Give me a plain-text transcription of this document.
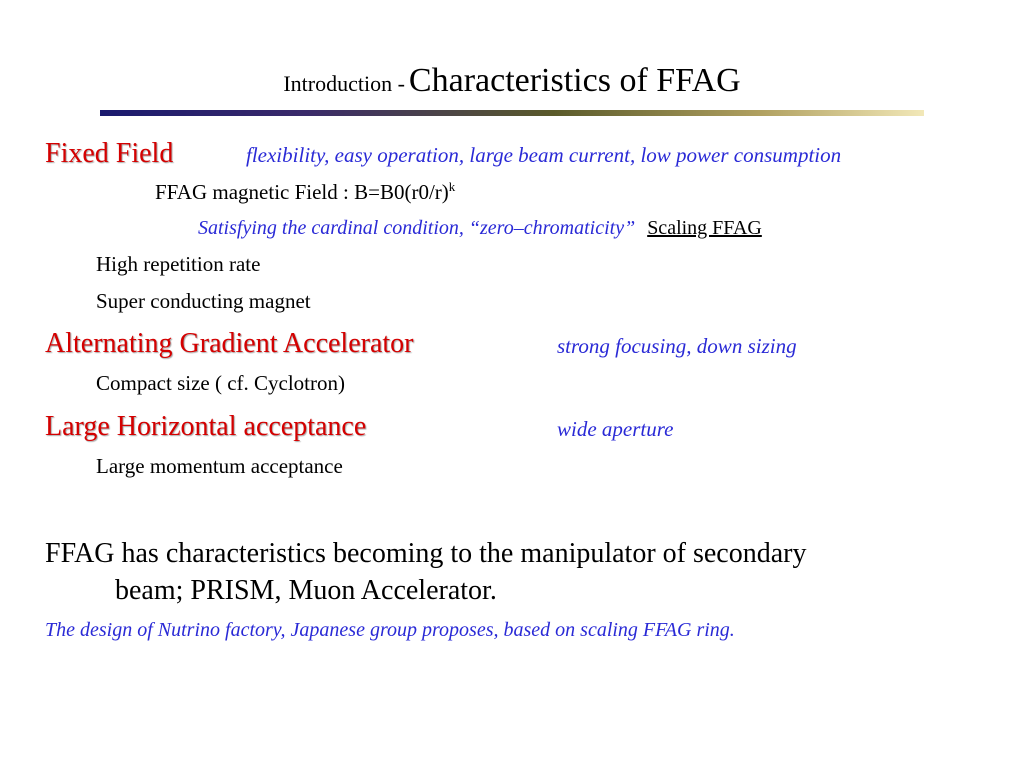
Introduction - Characteristics of FFAG
Fixed Field	flexibility, easy operation, large beam current, low power consumption
FFAG magnetic Field : $B=B0(r0/r)^k$
Satisfying the cardinal condition, “zero–chromaticity” Scaling FFAG
High repetition rate
Super conducting magnet
Alternating Gradient Accelerator	strong focusing, down sizing
Compact size ( cf. Cyclotron)
Large Horizontal acceptance	wide aperture
Large momentum acceptance
FFAG has characteristics becoming to the manipulator of secondary
beam; PRISM, Muon Accelerator.
The design of Nutrino factory, Japanese group proposes, based on scaling FFAG ring.
